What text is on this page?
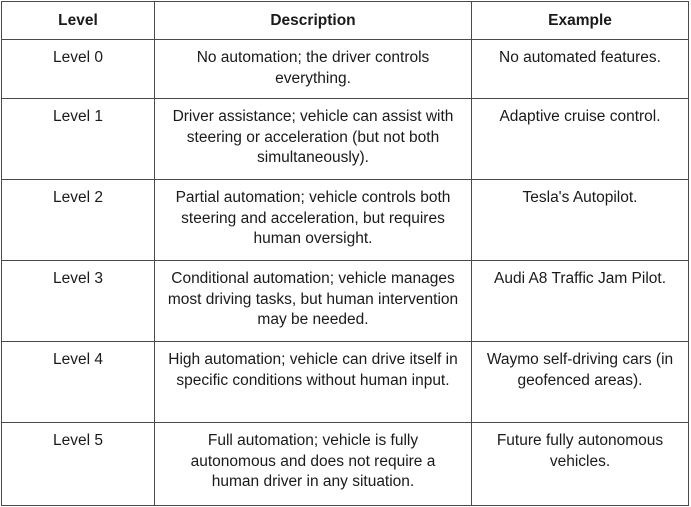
Level	Description	Example
Level 0	No automation; the driver controls everything.	No automated features.
Level 1	Driver assistance; vehicle can assist with steering or acceleration (but not both simultaneously).	Adaptive cruise control.
Level 2	Partial automation; vehicle controls both steering and acceleration, but requires human oversight.	Tesla's Autopilot.
Level 3	Conditional automation; vehicle manages most driving tasks, but human intervention may be needed.	Audi A8 Traffic Jam Pilot.
Level 4	High automation; vehicle can drive itself in specific conditions without human input.	Waymo self-driving cars (in geofenced areas).
Level 5	Full automation; vehicle is fully autonomous and does not require a human driver in any situation.	Future fully autonomous vehicles.
